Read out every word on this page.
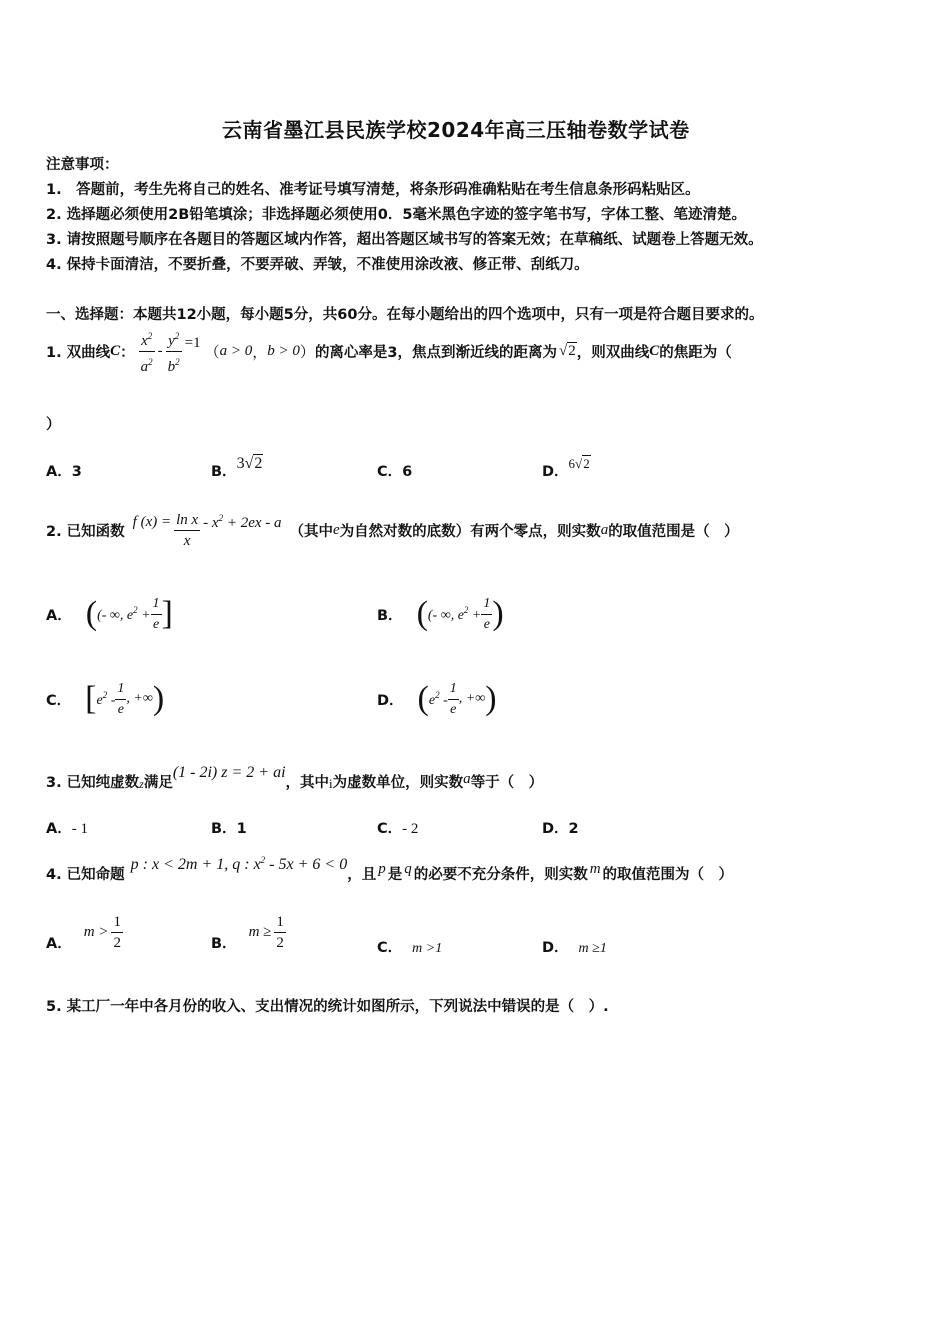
云南省墨江县民族学校2024年高三压轴卷数学试卷
注意事项：
1.　答题前，考生先将自己的姓名、准考证号填写清楚，将条形码准确粘贴在考生信息条形码粘贴区。
2. 选择题必须使用2B铅笔填涂；非选择题必须使用0．5毫米黑色字迹的签字笔书写，字体工整、笔迹清楚。
3. 请按照题号顺序在各题目的答题区域内作答，超出答题区域书写的答案无效；在草稿纸、试题卷上答题无效。
4. 保持卡面清洁，不要折叠，不要弄破、弄皱，不准使用涂改液、修正带、刮纸刀。
一、选择题：本题共12小题，每小题5分，共60分。在每小题给出的四个选项中，只有一项是符合题目要求的。
1. 双曲线 C ： $\frac{x^2}{a^2} - \frac{y^2}{b^2} =1$
（ a > 0 ， b > 0 ） 的离心率是3，焦点到渐近线的距离为 √2 ，则双曲线 C 的焦距为（
）
A．3	B．3√2	C．6	D．6√2
2. 已知函数
f $(x) = \frac{\text{ln x}}{x} - x^2 + 2ex - a$
（其中 e 为自然对数的底数）有两个零点，则实数 a 的取值范围是（　）
A． ( (- ∞, $e^2 + \frac{1}{e}$ ]	B． ( (- ∞, $e^2 + \frac{1}{e}$ )
C． [ $e^2 - \frac{1}{e}$ , +∞ )	D． ( $e^2 - \frac{1}{e}$ , +∞ )
3. 已知纯虚数 z 满足
(1 - 2i) z = 2 + ai
，其中 i 为虚数单位，则实数 a 等于（　）
A．- 1	B．1	C．- 2	D．2
4. 已知命题
p : x < 2m + 1, q : $x^2 - 5x + 6 < 0$
，且 p 是 q 的必要不充分条件，则实数 m 的取值范围为（　）
A．
$m > \frac{1}{2}$	B．
$m \ge \frac{1}{2}$	C． m >1	D． m ≥1
5. 某工厂一年中各月份的收入、支出情况的统计如图所示，下列说法中错误的是（　）.
